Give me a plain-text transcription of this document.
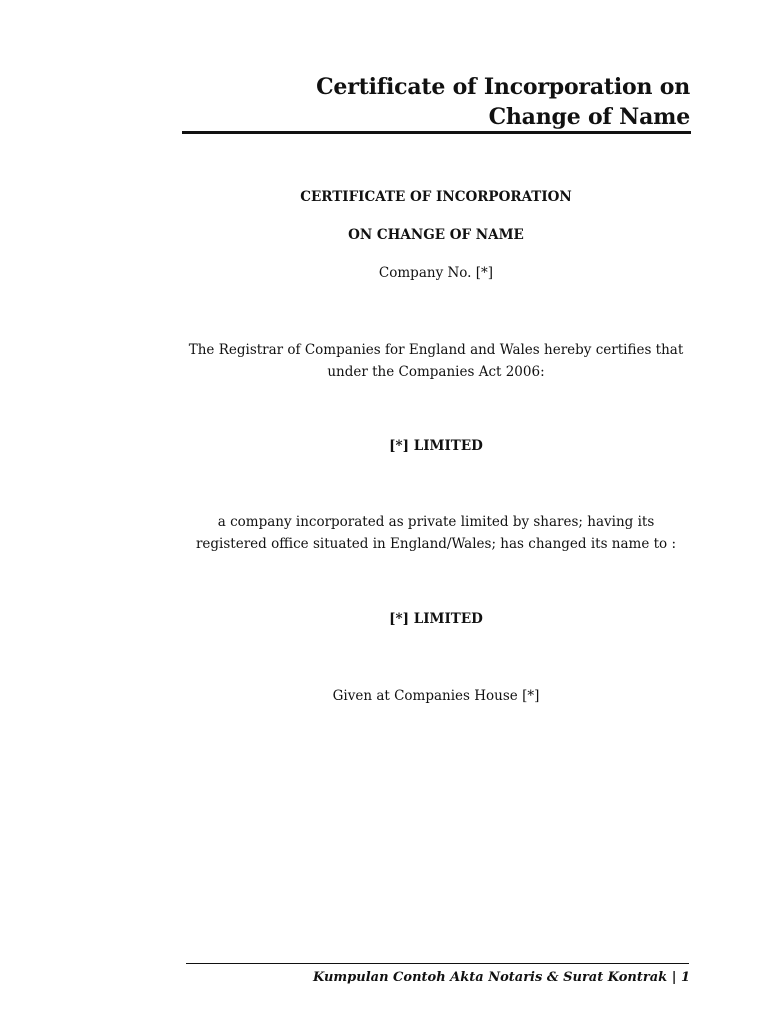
Certificate of Incorporation on
Change of Name
CERTIFICATE OF INCORPORATION
ON CHANGE OF NAME
Company No. [*]
The Registrar of Companies for England and Wales hereby certifies that
under the Companies Act 2006:
[*] LIMITED
a company incorporated as private limited by shares; having its
registered office situated in England/Wales; has changed its name to :
[*] LIMITED
Given at Companies House [*]
Kumpulan Contoh Akta Notaris & Surat Kontrak | 1
